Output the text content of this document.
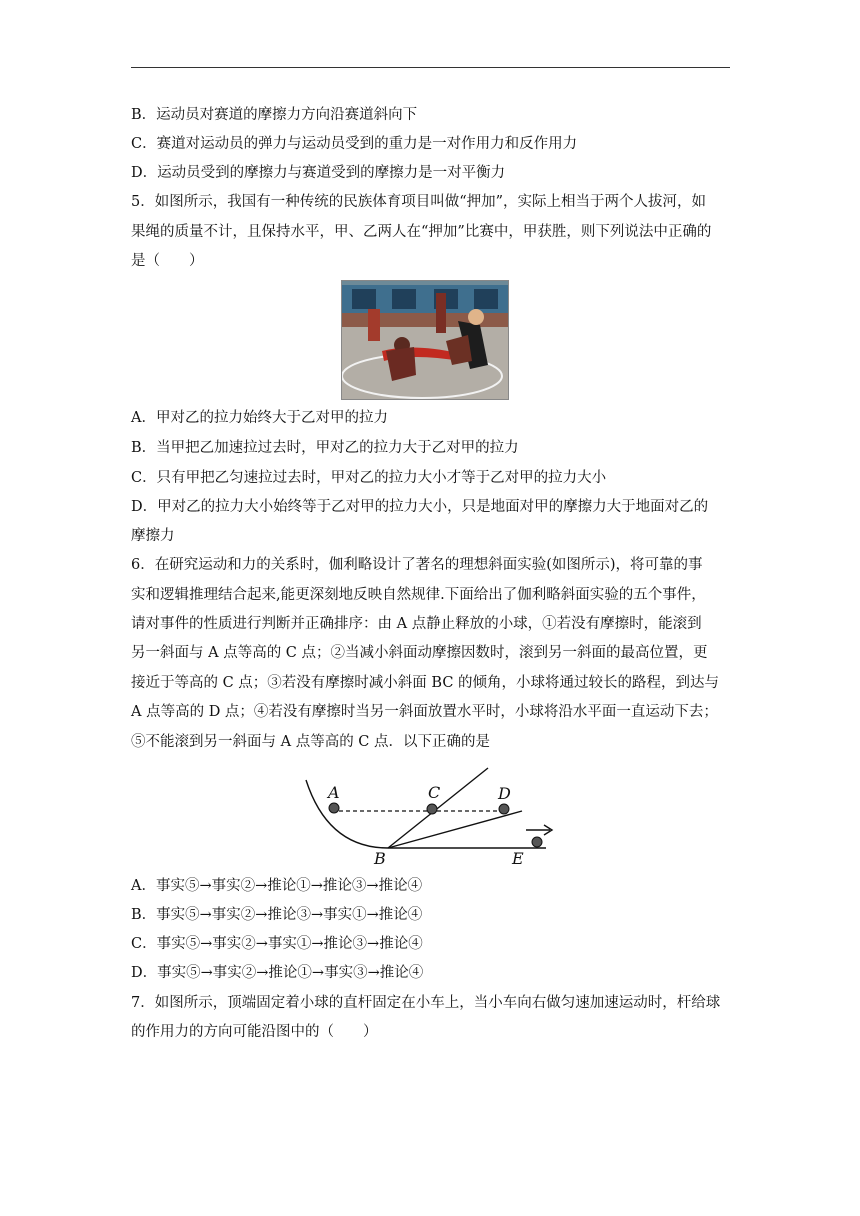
B．运动员对赛道的摩擦力方向沿赛道斜向下
C．赛道对运动员的弹力与运动员受到的重力是一对作用力和反作用力
D．运动员受到的摩擦力与赛道受到的摩擦力是一对平衡力
5．如图所示，我国有一种传统的民族体育项目叫做“押加”，实际上相当于两个人拔河，如
果绳的质量不计，且保持水平，甲、乙两人在“押加”比赛中，甲获胜，则下列说法中正确的
是（　　）
A．甲对乙的拉力始终大于乙对甲的拉力
B．当甲把乙加速拉过去时，甲对乙的拉力大于乙对甲的拉力
C．只有甲把乙匀速拉过去时，甲对乙的拉力大小才等于乙对甲的拉力大小
D．甲对乙的拉力大小始终等于乙对甲的拉力大小，只是地面对甲的摩擦力大于地面对乙的
摩擦力
6．在研究运动和力的关系时，伽利略设计了著名的理想斜面实验(如图所示)，将可靠的事
实和逻辑推理结合起来,能更深刻地反映自然规律.下面给出了伽利略斜面实验的五个事件，
请对事件的性质进行判断并正确排序：由 A 点静止释放的小球，①若没有摩擦时，能滚到
另一斜面与 A 点等高的 C 点；②当减小斜面动摩擦因数时，滚到另一斜面的最高位置，更
接近于等高的 C 点；③若没有摩擦时减小斜面 BC 的倾角，小球将通过较长的路程，到达与
A 点等高的 D 点；④若没有摩擦时当另一斜面放置水平时，小球将沿水平面一直运动下去；
⑤不能滚到另一斜面与 A 点等高的 C 点．以下正确的是
A	C	D
B	E
A．事实⑤→事实②→推论①→推论③→推论④
B．事实⑤→事实②→推论③→事实①→推论④
C．事实⑤→事实②→事实①→推论③→推论④
D．事实⑤→事实②→推论①→事实③→推论④
7．如图所示，顶端固定着小球的直杆固定在小车上，当小车向右做匀速加速运动时，杆给球
的作用力的方向可能沿图中的（　　）
